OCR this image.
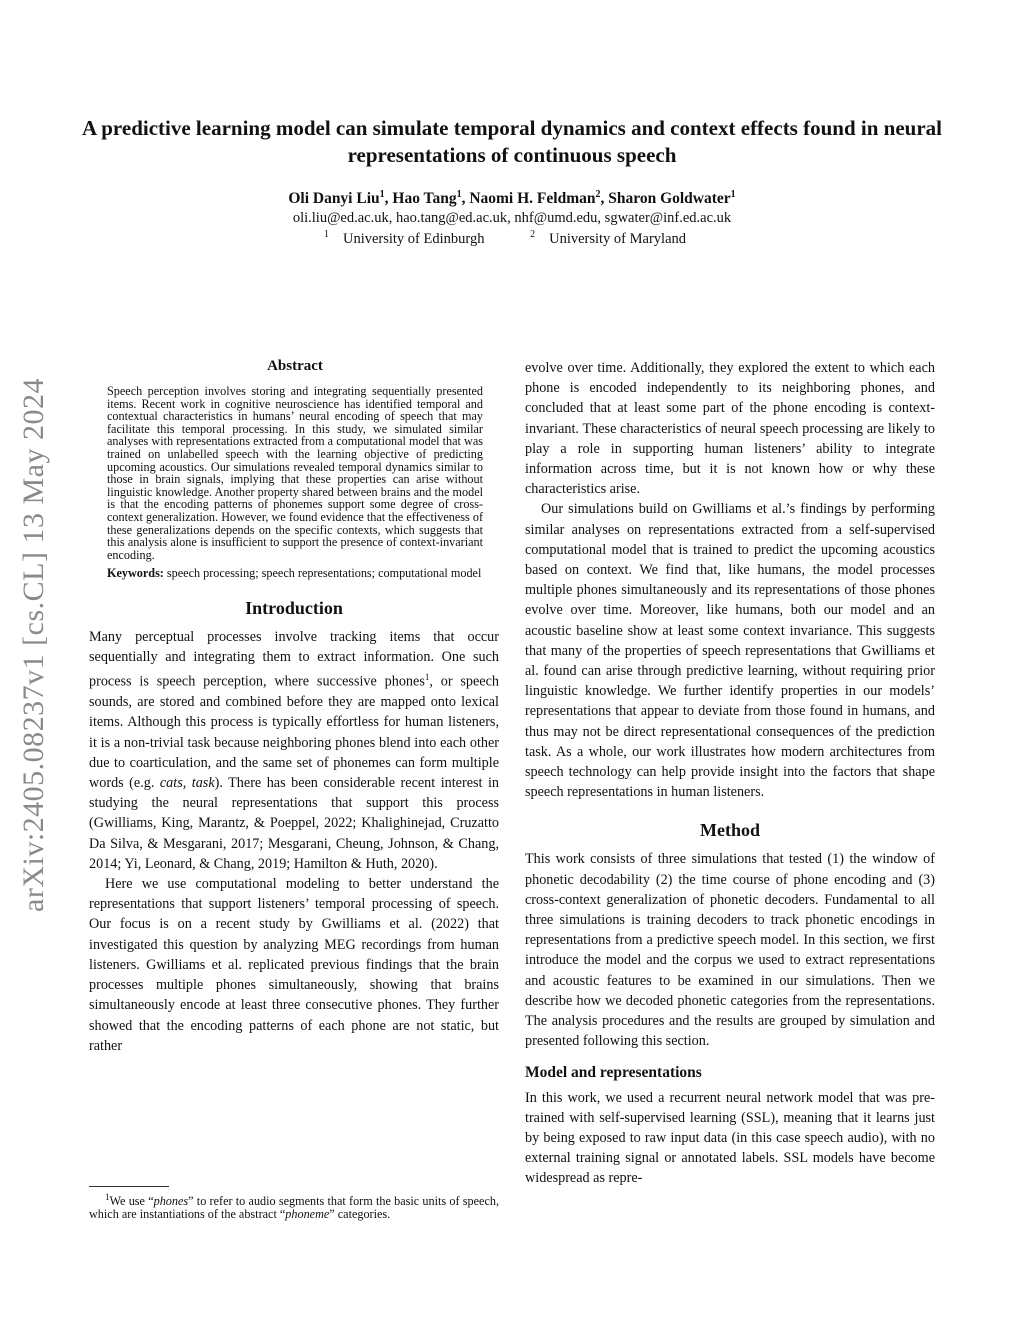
arXiv:2405.08237v1 [cs.CL] 13 May 2024
A predictive learning model can simulate temporal dynamics and context effects found in neural representations of continuous speech
Oli Danyi Liu$^1$, Hao Tang$^1$, Naomi H. Feldman$^2$, Sharon Goldwater$^1$
oli.liu@ed.ac.uk, hao.tang@ed.ac.uk, nhf@umd.edu, sgwater@inf.ed.ac.uk
$^1$ University of Edinburgh	$^2$ University of Maryland
Abstract
Speech perception involves storing and integrating sequentially presented items. Recent work in cognitive neuroscience has identified temporal and contextual characteristics in humans’ neural encoding of speech that may facilitate this temporal processing. In this study, we simulated similar analyses with representations extracted from a computational model that was trained on unlabelled speech with the learning objective of predicting upcoming acoustics. Our simulations revealed temporal dynamics similar to those in brain signals, implying that these properties can arise without linguistic knowledge. Another property shared between brains and the model is that the encoding patterns of phonemes support some degree of cross-context generalization. However, we found evidence that the effectiveness of these generalizations depends on the specific contexts, which suggests that this analysis alone is insufficient to support the presence of context-invariant encoding.
Keywords: speech processing; speech representations; computational model
Introduction

Many perceptual processes involve tracking items that occur sequentially and integrating them to extract information. One such process is speech perception, where successive phones$^1$, or speech sounds, are stored and combined before they are mapped onto lexical items. Although this process is typically effortless for human listeners, it is a non-trivial task because neighboring phones blend into each other due to coarticulation, and the same set of phonemes can form multiple words (e.g. cats, task). There has been considerable recent interest in studying the neural representations that support this process (Gwilliams, King, Marantz, & Poeppel, 2022; Khalighinejad, Cruzatto Da Silva, & Mesgarani, 2017; Mesgarani, Cheung, Johnson, & Chang, 2014; Yi, Leonard, & Chang, 2019; Hamilton & Huth, 2020).

Here we use computational modeling to better understand the representations that support listeners’ temporal processing of speech. Our focus is on a recent study by Gwilliams et al. (2022) that investigated this question by analyzing MEG recordings from human listeners. Gwilliams et al. replicated previous findings that the brain processes multiple phones simultaneously, showing that brains simultaneously encode at least three consecutive phones. They further showed that the encoding patterns of each phone are not static, but rather

$^1$We use “phones” to refer to audio segments that form the basic units of speech, which are instantiations of the abstract “phoneme” categories.

evolve over time. Additionally, they explored the extent to which each phone is encoded independently to its neighboring phones, and concluded that at least some part of the phone encoding is context-invariant. These characteristics of neural speech processing are likely to play a role in supporting human listeners’ ability to integrate information across time, but it is not known how or why these characteristics arise.

Our simulations build on Gwilliams et al.’s findings by performing similar analyses on representations extracted from a self-supervised computational model that is trained to predict the upcoming acoustics based on context. We find that, like humans, the model processes multiple phones simultaneously and its representations of those phones evolve over time. Moreover, like humans, both our model and an acoustic baseline show at least some context invariance. This suggests that many of the properties of speech representations that Gwilliams et al. found can arise through predictive learning, without requiring prior linguistic knowledge. We further identify properties in our models’ representations that appear to deviate from those found in humans, and thus may not be direct representational consequences of the prediction task. As a whole, our work illustrates how modern architectures from speech technology can help provide insight into the factors that shape speech representations in human listeners.

Method

This work consists of three simulations that tested (1) the window of phonetic decodability (2) the time course of phone encoding and (3) cross-context generalization of phonetic decoders. Fundamental to all three simulations is training decoders to track phonetic encodings in representations from a predictive speech model. In this section, we first introduce the model and the corpus we used to extract representations and acoustic features to be examined in our simulations. Then we describe how we decoded phonetic categories from the representations. The analysis procedures and the results are grouped by simulation and presented following this section.

Model and representations

In this work, we used a recurrent neural network model that was pre-trained with self-supervised learning (SSL), meaning that it learns just by being exposed to raw input data (in this case speech audio), with no external training signal or annotated labels. SSL models have become widespread as repre-
